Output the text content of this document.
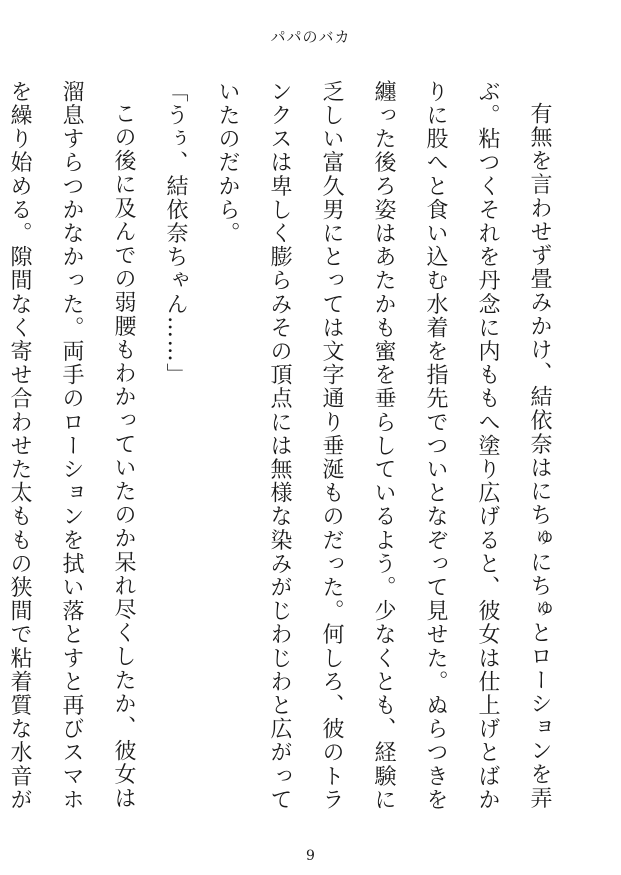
パパのバカ

有無を言わせず畳みかけ、結依奈はにちゅにちゅとローションを弄ぶ。粘つくそれを丹念に内ももへ塗り広げると、彼女は仕上げとばかりに股へと食い込む水着を指先でついとなぞって見せた。ぬらつきを纏った後ろ姿はあたかも蜜を垂らしているよう。少なくとも、経験に乏しい富久男にとっては文字通り垂涎ものだった。何しろ、彼のトランクスは卑しく膨らみその頂点には無様な染みがじわじわと広がっていたのだから。

「うぅ、結依奈ちゃん……」

この後に及んでの弱腰もわかっていたのか呆れ尽くしたか、彼女は溜息すらつかなかった。両手のローションを拭い落とすと再びスマホを繰り始める。隙間なく寄せ合わせた太ももの狭間で粘着質な水音が

9
